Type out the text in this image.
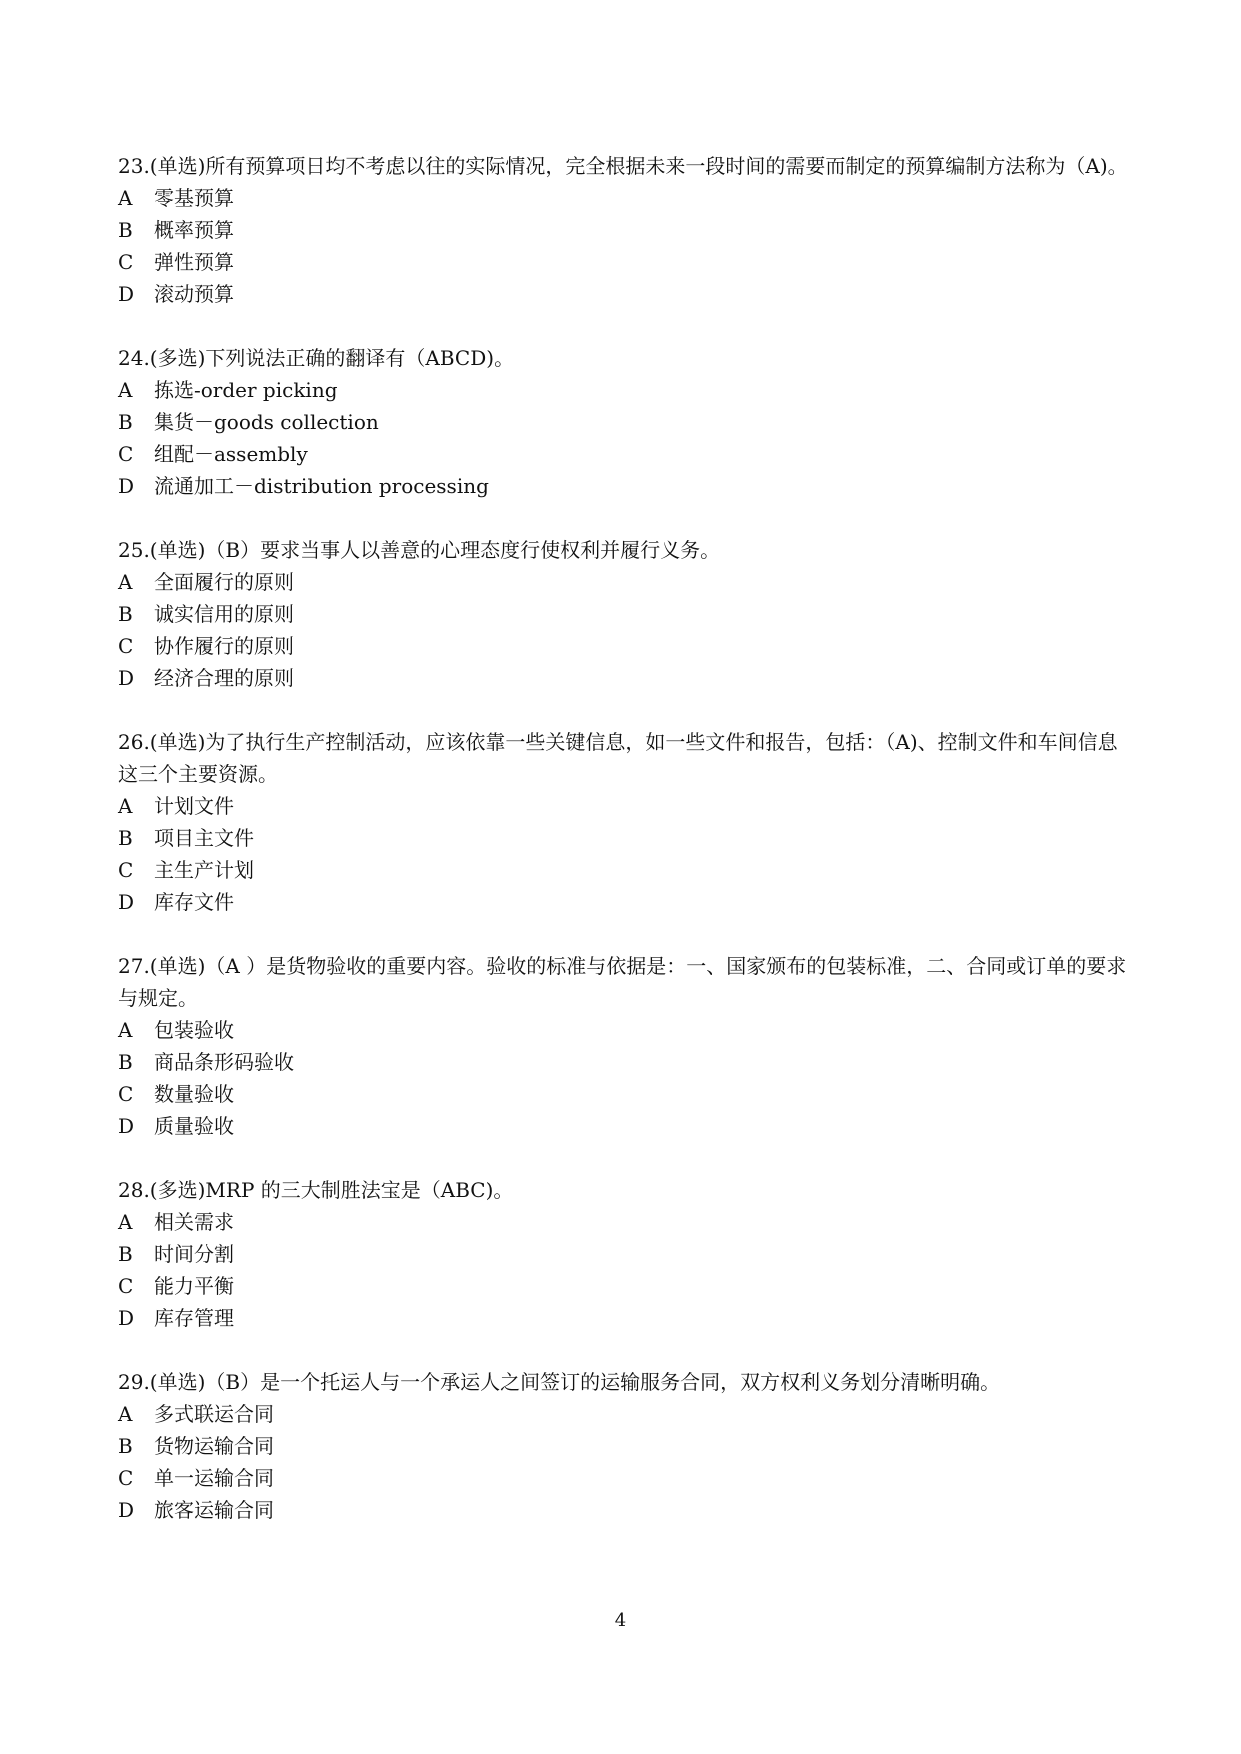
23.(单选)所有预算项日均不考虑以往的实际情况，完全根据未来一段时间的需要而制定的预算编制方法称为（A)。

A	零基预算
B	概率预算
C	弹性预算
D 滚动预算

24.(多选)下列说法正确的翻译有（ABCD)。

A	拣选-order picking
B	集货－goods collection
C	组配－assembly
D 流通加工－distribution processing

25.(单选)（B）要求当事人以善意的心理态度行使权利并履行义务。

A	全面履行的原则
B	诚实信用的原则
C	协作履行的原则
D 经济合理的原则

26.(单选)为了执行生产控制活动，应该依靠一些关键信息，如一些文件和报告，包括：（A)、控制文件和车间信息这三个主要资源。

A	计划文件
B	项目主文件
C	主生产计划
D 库存文件

27.(单选)（A ）是货物验收的重要内容。验收的标准与依据是：一、国家颁布的包装标准，二、合同或订单的要求与规定。

A	包装验收
B	商品条形码验收
C	数量验收
D 质量验收

28.(多选)MRP 的三大制胜法宝是（ABC)。

A	相关需求
B	时间分割
C	能力平衡
D 库存管理

29.(单选)（B）是一个托运人与一个承运人之间签订的运输服务合同，双方权利义务划分清晰明确。

A	多式联运合同
B	货物运输合同
C	单一运输合同
D 旅客运输合同
4
